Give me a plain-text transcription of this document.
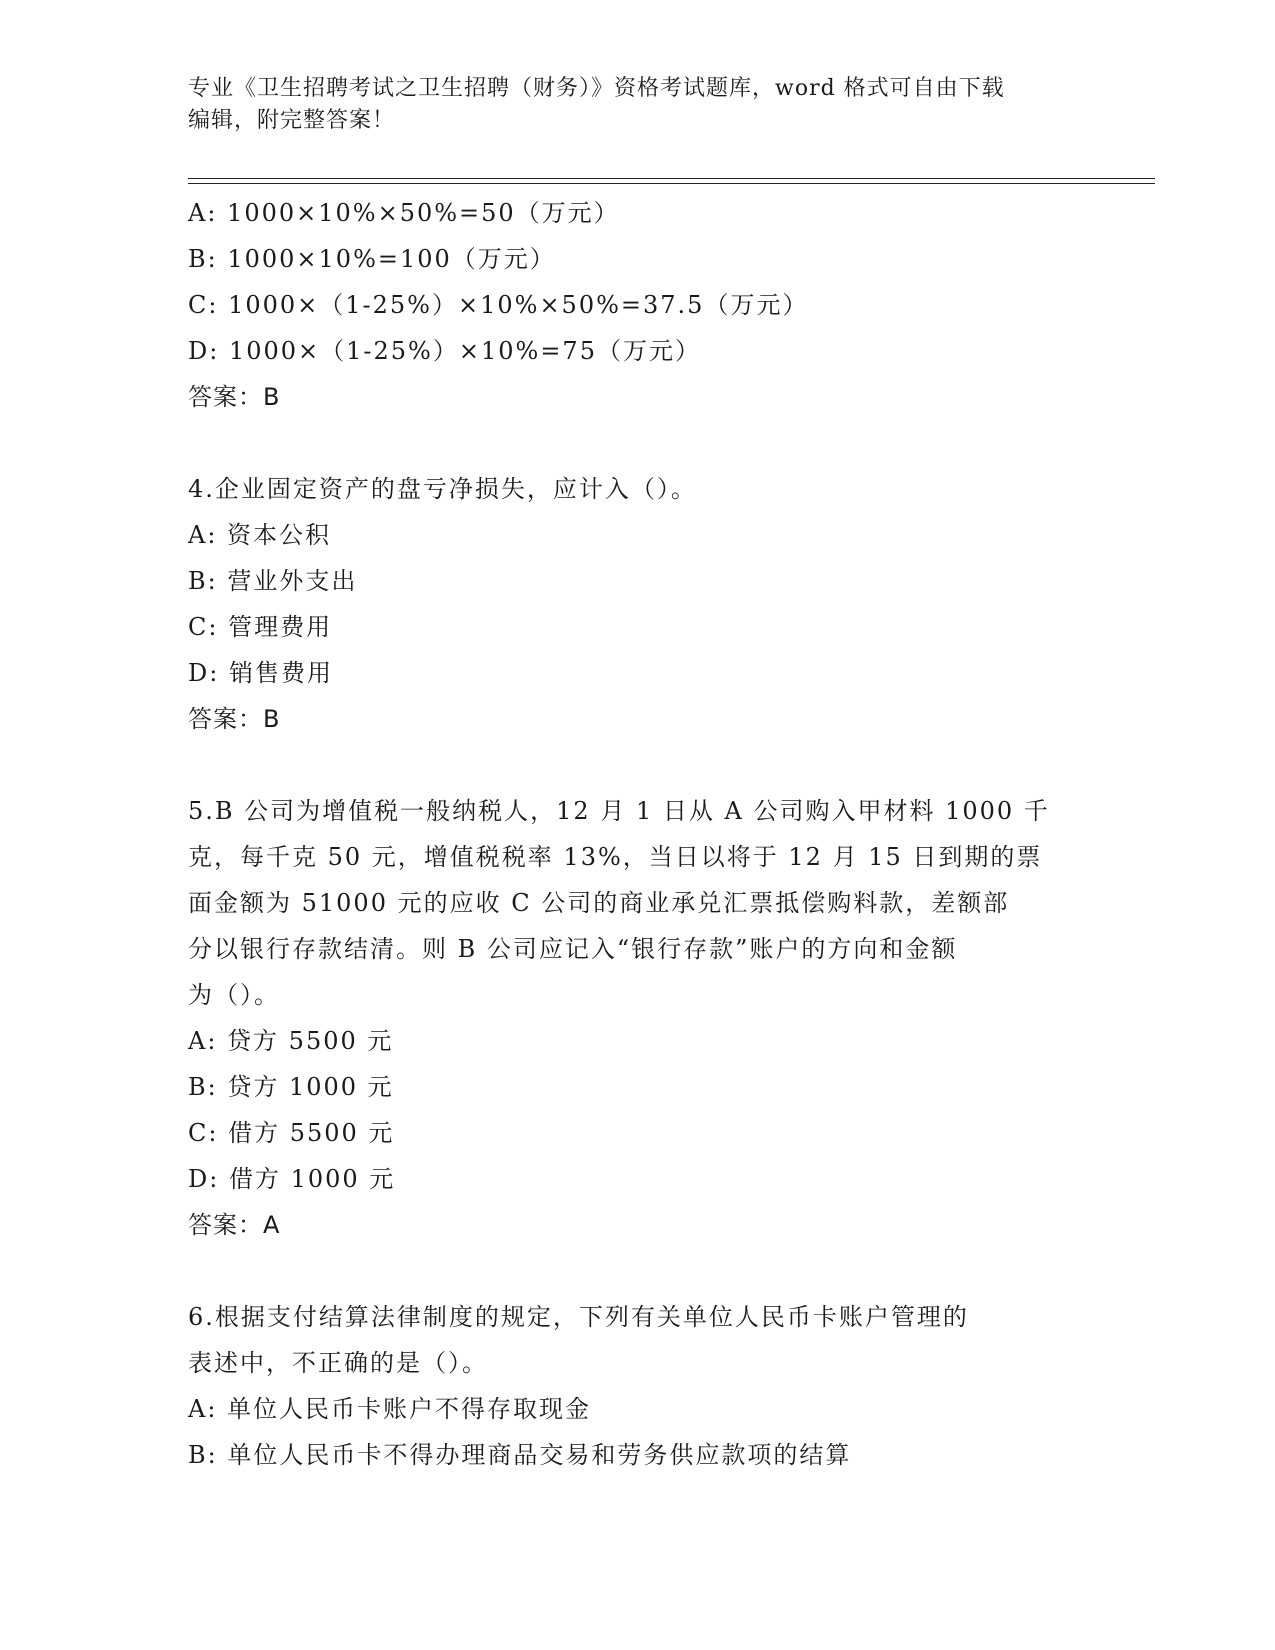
专业《卫生招聘考试之卫生招聘（财务）》资格考试题库，word 格式可自由下载
编辑，附完整答案！
A: 1000×10%×50%=50（万元）
B: 1000×10%=100（万元）
C: 1000×（1-25%）×10%×50%=37.5（万元）
D: 1000×（1-25%）×10%=75（万元）
答案：B
4.企业固定资产的盘亏净损失，应计入（）。
A: 资本公积
B: 营业外支出
C: 管理费用
D: 销售费用
答案：B
5.B 公司为增值税一般纳税人，12 月 1 日从 A 公司购入甲材料 1000 千
克，每千克 50 元，增值税税率 13%，当日以将于 12 月 15 日到期的票
面金额为 51000 元的应收 C 公司的商业承兑汇票抵偿购料款，差额部
分以银行存款结清。则 B 公司应记入“银行存款”账户的方向和金额
为（）。
A: 贷方 5500 元
B: 贷方 1000 元
C: 借方 5500 元
D: 借方 1000 元
答案：A
6.根据支付结算法律制度的规定，下列有关单位人民币卡账户管理的
表述中，不正确的是（）。
A: 单位人民币卡账户不得存取现金
B: 单位人民币卡不得办理商品交易和劳务供应款项的结算
